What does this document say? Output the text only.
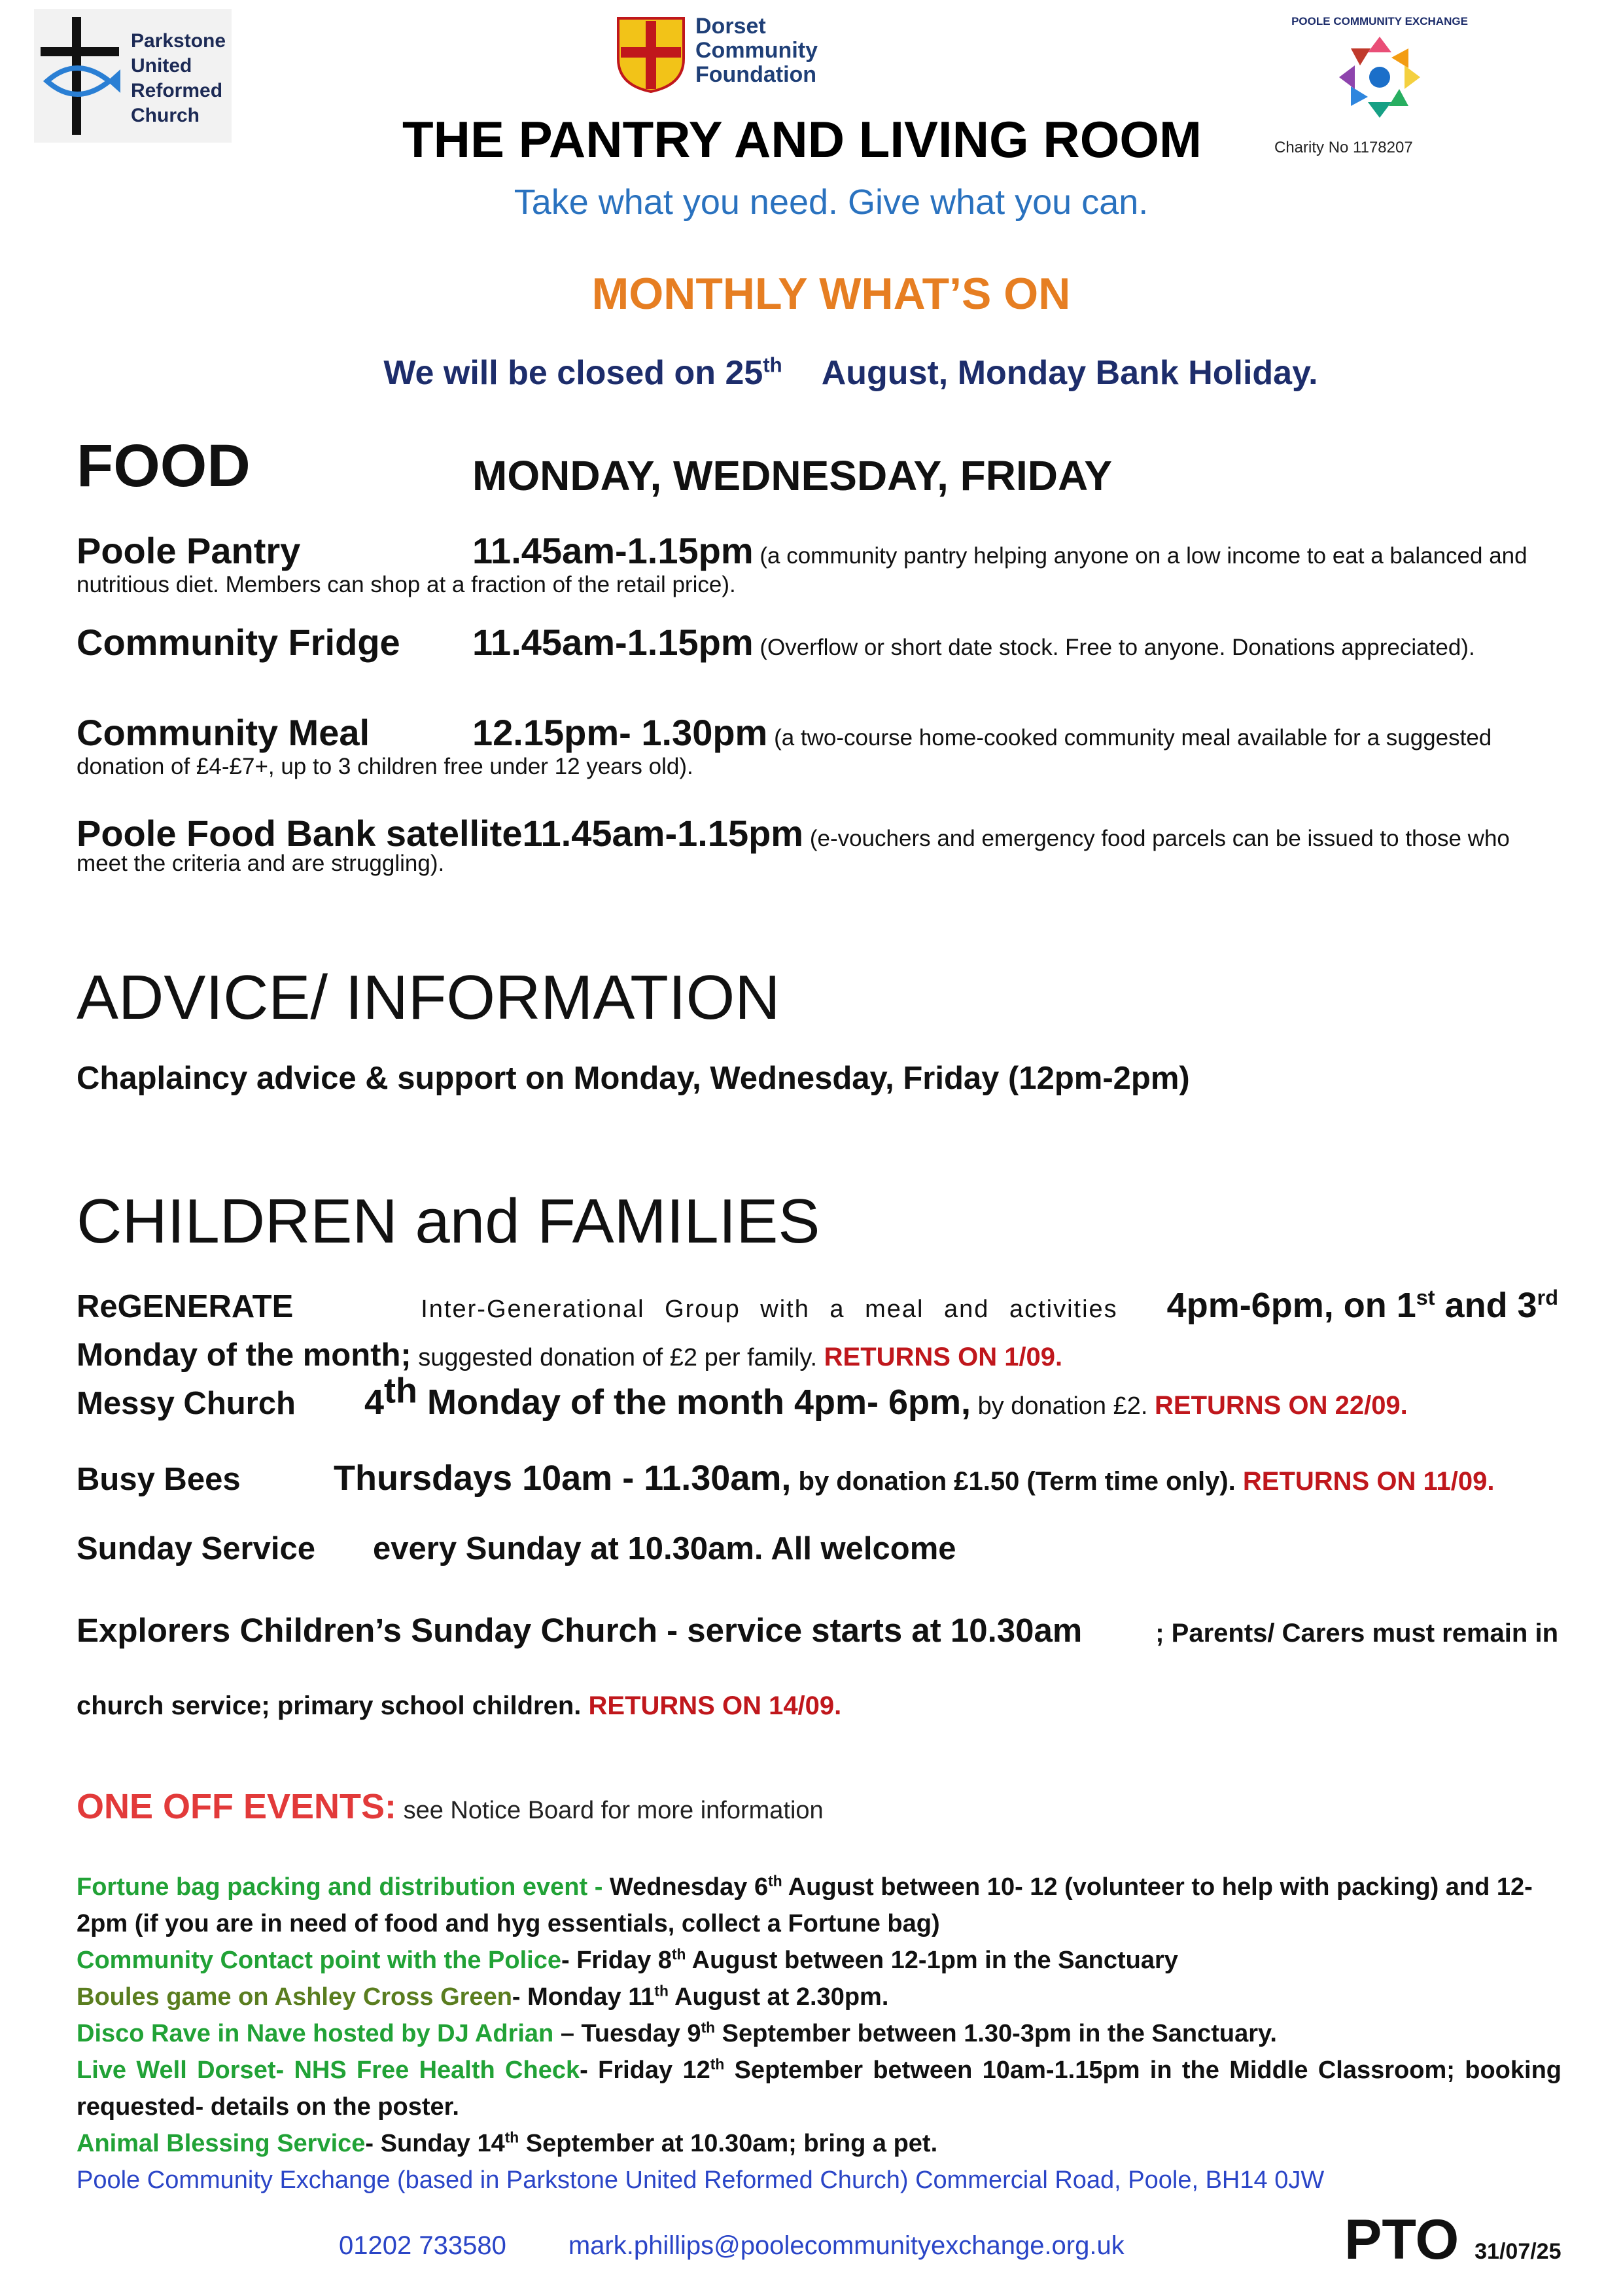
Parkstone
United
Reformed
Church
Dorset
Community
Foundation
POOLE COMMUNITY EXCHANGE
THE PANTRY AND LIVING ROOM	Charity No 1178207
Take what you need. Give what you can.
MONTHLY WHAT’S ON
We will be closed on 25thAugust, Monday Bank Holiday.
FOOD	MONDAY, WEDNESDAY, FRIDAY
Poole Pantry	11.45am-1.15pm (a community pantry helping anyone on a low income to eat a balanced and nutritious diet. Members can shop at a fraction of the retail price).
Community Fridge 11.45am-1.15pm (Overflow or short date stock. Free to anyone. Donations appreciated).
Community Meal	12.15pm- 1.30pm (a two-course home-cooked community meal available for a suggested donation of £4-£7+, up to 3 children free under 12 years old).
Poole Food Bank satellite11.45am-1.15pm (e-vouchers and emergency food parcels can be issued to those who meet the criteria and are struggling).
ADVICE/ INFORMATION
Chaplaincy advice & support on Monday, Wednesday, Friday (12pm-2pm)
CHILDREN and FAMILIES
ReGENERATE	Inter-Generational Group with a meal and activities 4pm-6pm, on 1st and 3rd
Monday of the month; suggested donation of £2 per family. RETURNS ON 1/09.
Messy Church 4th Monday of the month 4pm- 6pm, by donation £2. RETURNS ON 22/09.
Busy Bees	Thursdays 10am - 11.30am, by donation £1.50 (Term time only). RETURNS ON 11/09.
Sunday Service every Sunday at 10.30am. All welcome
Explorers Children’s Sunday Church - service starts at 10.30am	; Parents/ Carers must remain in
church service; primary school children. RETURNS ON 14/09.
ONE OFF EVENTS: see Notice Board for more information

Fortune bag packing and distribution event - Wednesday 6th August between 10- 12 (volunteer to help with packing) and 12-2pm (if you are in need of food and hyg essentials, collect a Fortune bag)

Community Contact point with the Police- Friday 8th August between 12-1pm in the Sanctuary

Boules game on Ashley Cross Green- Monday 11th August at 2.30pm.

Disco Rave in Nave hosted by DJ Adrian – Tuesday 9th September between 1.30-3pm in the Sanctuary.

Live Well Dorset- NHS Free Health Check- Friday 12th September between 10am-1.15pm in the Middle Classroom; booking requested- details on the poster.

Animal Blessing Service- Sunday 14th September at 10.30am; bring a pet.

Poole Community Exchange (based in Parkstone United Reformed Church) Commercial Road, Poole, BH14 0JW

01202 733580 mark.phillips@poolecommunityexchange.org.uk	PTO 31/07/25
